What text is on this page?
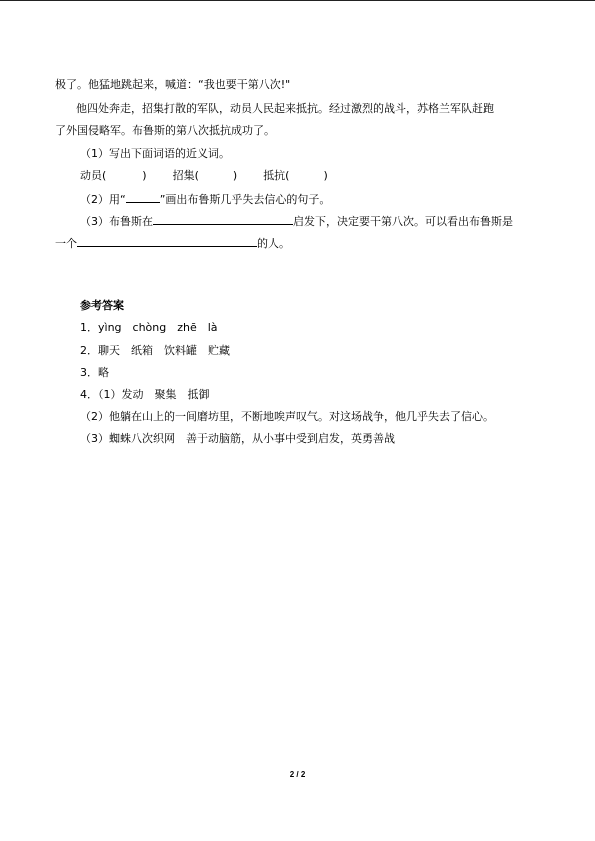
极了。他猛地跳起来，喊道：“我也要干第八次!"
他四处奔走，招集打散的军队，动员人民起来抵抗。经过激烈的战斗，苏格兰军队赶跑
了外国侵略军。布鲁斯的第八次抵抗成功了。
（1）写出下面词语的近义词。
动员(	) 招集(	) 抵抗(	)
（2）用“	”画出布鲁斯几乎失去信心的句子。
（3）布鲁斯在	启发下，决定要干第八次。可以看出布鲁斯是
一个	的人。
参考答案
1．yìng　chòng　zhē　là
2．聊天　纸箱　饮料罐　贮藏
3．略
4．（1）发动　聚集　抵御
（2）他躺在山上的一间磨坊里，不断地唉声叹气。对这场战争，他几乎失去了信心。
（3）蜘蛛八次织网　善于动脑筋，从小事中受到启发，英勇善战
2 / 2
